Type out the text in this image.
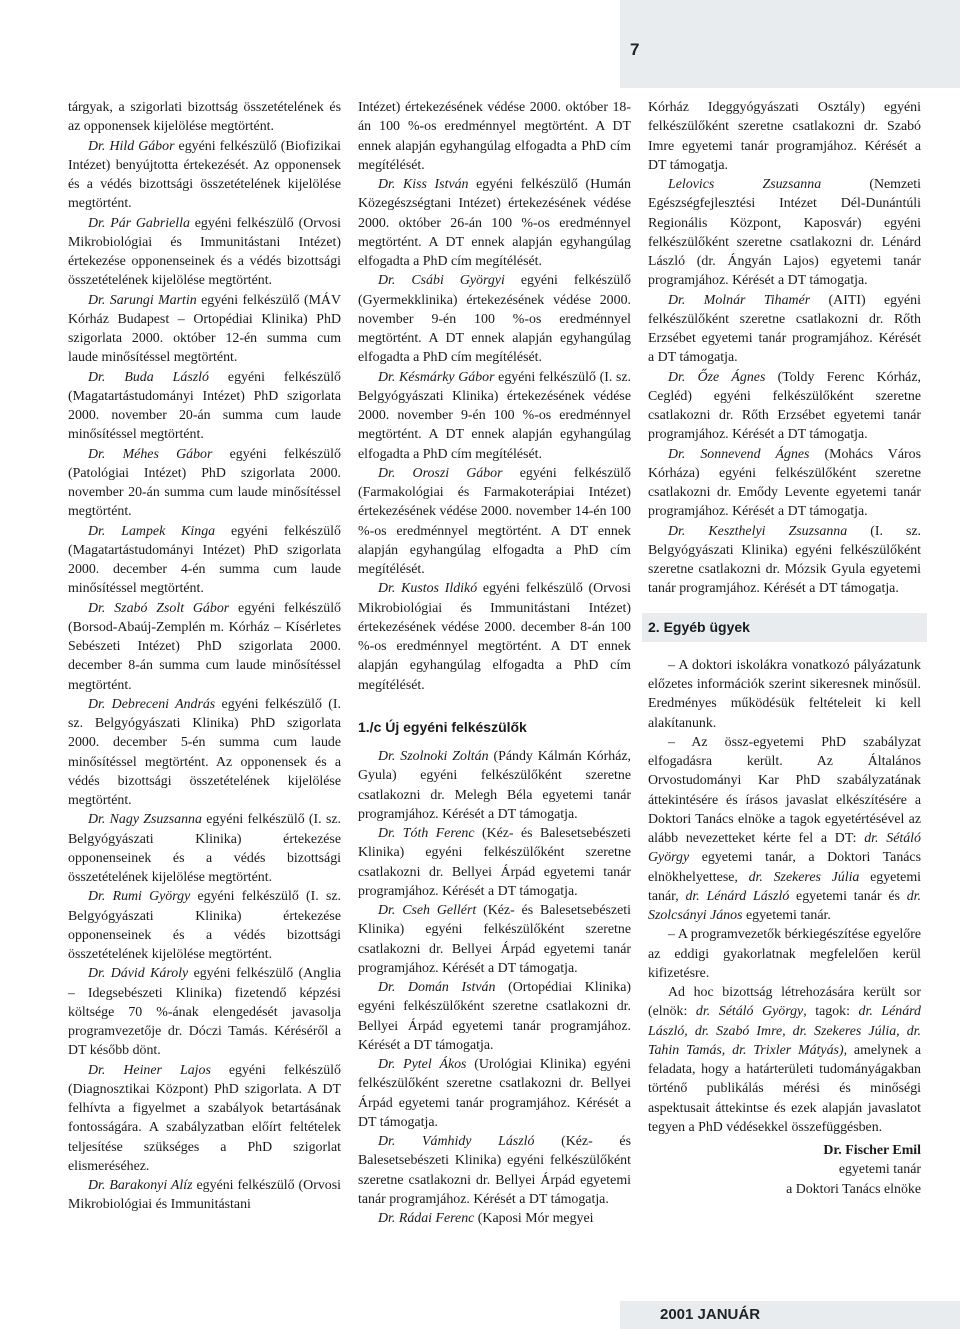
7

tárgyak, a szigorlati bizottság összetételének és az opponensek kijelölése megtörtént.

Dr. Hild Gábor egyéni felkészülő (Biofizikai Intézet) benyújtotta értekezését. Az opponensek és a védés bizottsági összetételének kijelölése megtörtént.

Dr. Pár Gabriella egyéni felkészülő (Orvosi Mikrobiológiai és Immunitástani Intézet) értekezése opponenseinek és a védés bizottsági összetételének kijelölése megtörtént.

Dr. Sarungi Martin egyéni felkészülő (MÁV Kórház Budapest – Ortopédiai Klinika) PhD szigorlata 2000. október 12-én summa cum laude minősítéssel megtörtént.

Dr. Buda László egyéni felkészülő (Magatartástudományi Intézet) PhD szigorlata 2000. november 20-án summa cum laude minősítéssel megtörtént.

Dr. Méhes Gábor egyéni felkészülő (Patológiai Intézet) PhD szigorlata 2000. november 20-án summa cum laude minősítéssel megtörtént.

Dr. Lampek Kinga egyéni felkészülő (Magatartástudományi Intézet) PhD szigorlata 2000. december 4-én summa cum laude minősítéssel megtörtént.

Dr. Szabó Zsolt Gábor egyéni felkészülő (Borsod-Abaúj-Zemplén m. Kórház – Kísérletes Sebészeti Intézet) PhD szigorlata 2000. december 8-án summa cum laude minősítéssel megtörtént.

Dr. Debreceni András egyéni felkészülő (I. sz. Belgyógyászati Klinika) PhD szigorlata 2000. december 5-én summa cum laude minősítéssel megtörtént. Az opponensek és a védés bizottsági összetételének kijelölése megtörtént.

Dr. Nagy Zsuzsanna egyéni felkészülő (I. sz. Belgyógyászati Klinika) értekezése opponenseinek és a védés bizottsági összetételének kijelölése megtörtént.

Dr. Rumi György egyéni felkészülő (I. sz. Belgyógyászati Klinika) értekezése opponenseinek és a védés bizottsági összetételének kijelölése megtörtént.

Dr. Dávid Károly egyéni felkészülő (Anglia – Idegsebészeti Klinika) fizetendő képzési költsége 70 %-ának elengedését javasolja programvezetője dr. Dóczi Tamás. Kéréséről a DT később dönt.

Dr. Heiner Lajos egyéni felkészülő (Diagnosztikai Központ) PhD szigorlata. A DT felhívta a figyelmet a szabályok betartásának fontosságára. A szabályzatban előírt feltételek teljesítése szükséges a PhD szigorlat elismeréséhez.

Dr. Barakonyi Alíz egyéni felkészülő (Orvosi Mikrobiológiai és Immunitástani

Intézet) értekezésének védése 2000. október 18-án 100 %-os eredménnyel megtörtént. A DT ennek alapján egyhangúlag elfogadta a PhD cím megítélését.

Dr. Kiss István egyéni felkészülő (Humán Közegészségtani Intézet) értekezésének védése 2000. október 26-án 100 %-os eredménnyel megtörtént. A DT ennek alapján egyhangúlag elfogadta a PhD cím megítélését.

Dr. Csábi Györgyi egyéni felkészülő (Gyermekklinika) értekezésének védése 2000. november 9-én 100 %-os eredménnyel megtörtént. A DT ennek alapján egyhangúlag elfogadta a PhD cím megítélését.

Dr. Késmárky Gábor egyéni felkészülő (I. sz. Belgyógyászati Klinika) értekezésének védése 2000. november 9-én 100 %-os eredménnyel megtörtént. A DT ennek alapján egyhangúlag elfogadta a PhD cím megítélését.

Dr. Oroszi Gábor egyéni felkészülő (Farmakológiai és Farmakoterápiai Intézet) értekezésének védése 2000. november 14-én 100 %-os eredménnyel megtörtént. A DT ennek alapján egyhangúlag elfogadta a PhD cím megítélését.

Dr. Kustos Ildikó egyéni felkészülő (Orvosi Mikrobiológiai és Immunitástani Intézet) értekezésének védése 2000. december 8-án 100 %-os eredménnyel megtörtént. A DT ennek alapján egyhangúlag elfogadta a PhD cím megítélését.

1./c Új egyéni felkészülők

Dr. Szolnoki Zoltán (Pándy Kálmán Kórház, Gyula) egyéni felkészülőként szeretne csatlakozni dr. Melegh Béla egyetemi tanár programjához. Kérését a DT támogatja.

Dr. Tóth Ferenc (Kéz- és Balesetsebészeti Klinika) egyéni felkészülőként szeretne csatlakozni dr. Bellyei Árpád egyetemi tanár programjához. Kérését a DT támogatja.

Dr. Cseh Gellért (Kéz- és Balesetsebészeti Klinika) egyéni felkészülőként szeretne csatlakozni dr. Bellyei Árpád egyetemi tanár programjához. Kérését a DT támogatja.

Dr. Domán István (Ortopédiai Klinika) egyéni felkészülőként szeretne csatlakozni dr. Bellyei Árpád egyetemi tanár programjához. Kérését a DT támogatja.

Dr. Pytel Ákos (Urológiai Klinika) egyéni felkészülőként szeretne csatlakozni dr. Bellyei Árpád egyetemi tanár programjához. Kérését a DT támogatja.

Dr. Vámhidy László (Kéz- és Balesetsebészeti Klinika) egyéni felkészülőként szeretne csatlakozni dr. Bellyei Árpád egyetemi tanár programjához. Kérését a DT támogatja.

Dr. Rádai Ferenc (Kaposi Mór megyei

Kórház Ideggyógyászati Osztály) egyéni felkészülőként szeretne csatlakozni dr. Szabó Imre egyetemi tanár programjához. Kérését a DT támogatja.

Lelovics Zsuzsanna (Nemzeti Egészségfejlesztési Intézet Dél-Dunántúli Regionális Központ, Kaposvár) egyéni felkészülőként szeretne csatlakozni dr. Lénárd László (dr. Ángyán Lajos) egyetemi tanár programjához. Kérését a DT támogatja.

Dr. Molnár Tihamér (AITI) egyéni felkészülőként szeretne csatlakozni dr. Rőth Erzsébet egyetemi tanár programjához. Kérését a DT támogatja.

Dr. Őze Ágnes (Toldy Ferenc Kórház, Cegléd) egyéni felkészülőként szeretne csatlakozni dr. Rőth Erzsébet egyetemi tanár programjához. Kérését a DT támogatja.

Dr. Sonnevend Ágnes (Mohács Város Kórháza) egyéni felkészülőként szeretne csatlakozni dr. Emődy Levente egyetemi tanár programjához. Kérését a DT támogatja.

Dr. Keszthelyi Zsuzsanna (I. sz. Belgyógyászati Klinika) egyéni felkészülőként szeretne csatlakozni dr. Mózsik Gyula egyetemi tanár programjához. Kérését a DT támogatja.

2. Egyéb ügyek

– A doktori iskolákra vonatkozó pályázatunk előzetes információk szerint sikeresnek minősül. Eredményes működésük feltételeit ki kell alakítanunk.

– Az össz-egyetemi PhD szabályzat elfogadásra került. Az Általános Orvostudományi Kar PhD szabályzatának áttekintésére és írásos javaslat elkészítésére a Doktori Tanács elnöke a tagok egyetértésével az alább nevezetteket kérte fel a DT: dr. Sétáló György egyetemi tanár, a Doktori Tanács elnökhelyettese, dr. Szekeres Júlia egyetemi tanár, dr. Lénárd László egyetemi tanár és dr. Szolcsányi János egyetemi tanár.

– A programvezetők bérkiegészítése egyelőre az eddigi gyakorlatnak megfelelően kerül kifizetésre.

Ad hoc bizottság létrehozására került sor (elnök: dr. Sétáló György, tagok: dr. Lénárd László, dr. Szabó Imre, dr. Szekeres Júlia, dr. Tahin Tamás, dr. Trixler Mátyás), amelynek a feladata, hogy a határterületi tudományágakban történő publikálás mérési és minőségi aspektusait áttekintse és ezek alapján javaslatot tegyen a PhD védésekkel összefüggésben.

Dr. Fischer Emil
egyetemi tanár
a Doktori Tanács elnöke
2001 JANUÁR
